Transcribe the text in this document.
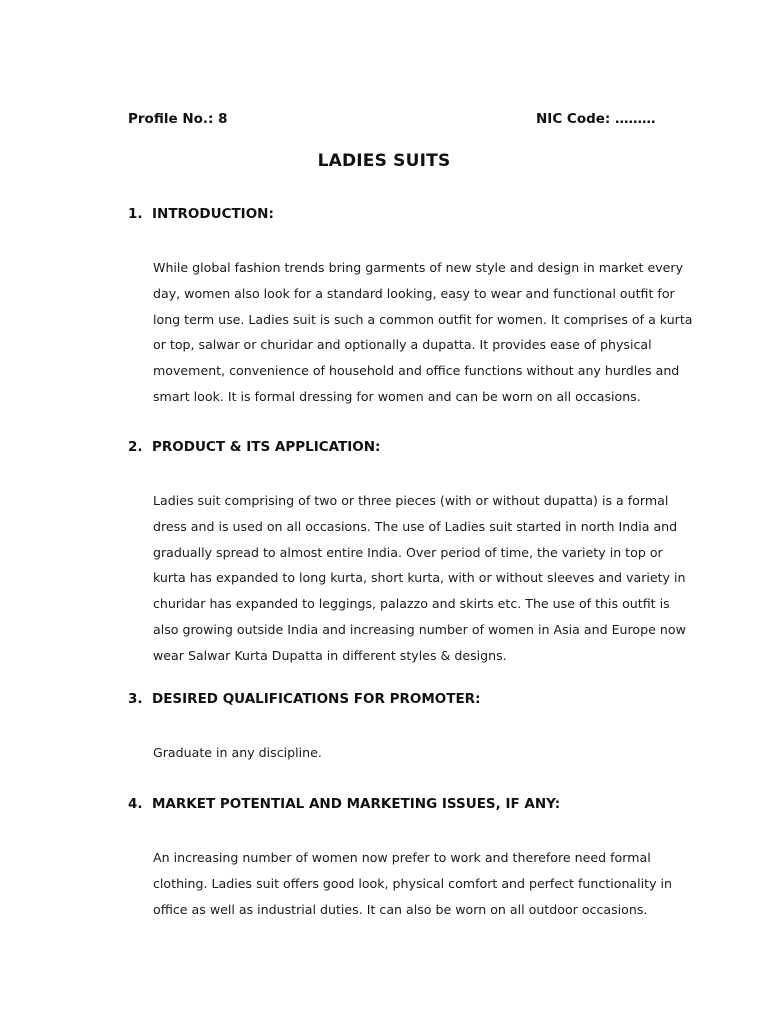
Profile No.: 8	NIC Code: ………
LADIES SUITS
1. INTRODUCTION:
While global fashion trends bring garments of new style and design in market every
day, women also look for a standard looking, easy to wear and functional outfit for
long term use. Ladies suit is such a common outfit for women. It comprises of a kurta
or top, salwar or churidar and optionally a dupatta. It provides ease of physical
movement, convenience of household and office functions without any hurdles and
smart look. It is formal dressing for women and can be worn on all occasions.
2. PRODUCT & ITS APPLICATION:
Ladies suit comprising of two or three pieces (with or without dupatta) is a formal
dress and is used on all occasions. The use of Ladies suit started in north India and
gradually spread to almost entire India. Over period of time, the variety in top or
kurta has expanded to long kurta, short kurta, with or without sleeves and variety in
churidar has expanded to leggings, palazzo and skirts etc. The use of this outfit is
also growing outside India and increasing number of women in Asia and Europe now
wear Salwar Kurta Dupatta in different styles & designs.
3. DESIRED QUALIFICATIONS FOR PROMOTER:
Graduate in any discipline.
4. MARKET POTENTIAL AND MARKETING ISSUES, IF ANY:
An increasing number of women now prefer to work and therefore need formal
clothing. Ladies suit offers good look, physical comfort and perfect functionality in
office as well as industrial duties. It can also be worn on all outdoor occasions.
